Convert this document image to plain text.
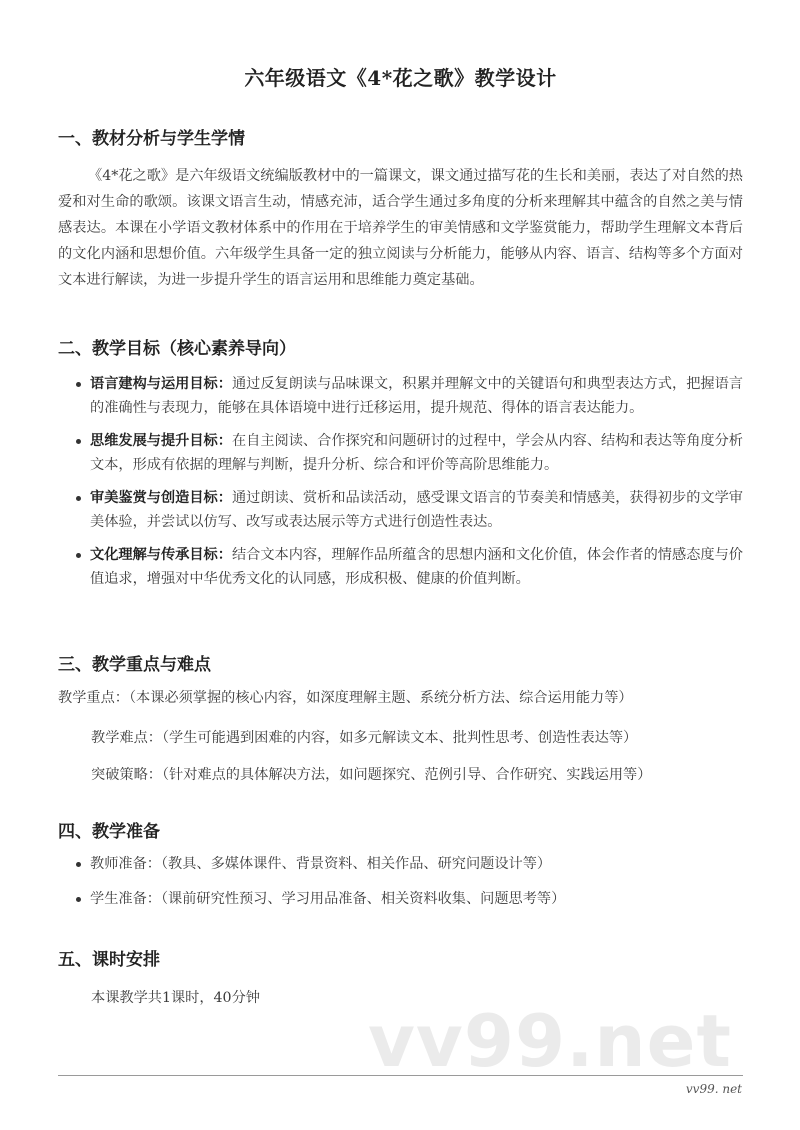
六年级语文《4*花之歌》教学设计
一、教材分析与学生学情
《4*花之歌》是六年级语文统编版教材中的一篇课文，课文通过描写花的生长和美丽，表达了对自然的热爱和对生命的歌颂。该课文语言生动，情感充沛，适合学生通过多角度的分析来理解其中蕴含的自然之美与情感表达。本课在小学语文教材体系中的作用在于培养学生的审美情感和文学鉴赏能力，帮助学生理解文本背后的文化内涵和思想价值。六年级学生具备一定的独立阅读与分析能力，能够从内容、语言、结构等多个方面对文本进行解读，为进一步提升学生的语言运用和思维能力奠定基础。
二、教学目标（核心素养导向）
语言建构与运用目标：通过反复朗读与品味课文，积累并理解文中的关键语句和典型表达方式，把握语言的准确性与表现力，能够在具体语境中进行迁移运用，提升规范、得体的语言表达能力。
思维发展与提升目标：在自主阅读、合作探究和问题研讨的过程中，学会从内容、结构和表达等角度分析文本，形成有依据的理解与判断，提升分析、综合和评价等高阶思维能力。
审美鉴赏与创造目标：通过朗读、赏析和品读活动，感受课文语言的节奏美和情感美，获得初步的文学审美体验，并尝试以仿写、改写或表达展示等方式进行创造性表达。
文化理解与传承目标：结合文本内容，理解作品所蕴含的思想内涵和文化价值，体会作者的情感态度与价值追求，增强对中华优秀文化的认同感，形成积极、健康的价值判断。
三、教学重点与难点
教学重点：（本课必须掌握的核心内容，如深度理解主题、系统分析方法、综合运用能力等）
教学难点：（学生可能遇到困难的内容，如多元解读文本、批判性思考、创造性表达等）
突破策略：（针对难点的具体解决方法，如问题探究、范例引导、合作研究、实践运用等）
四、教学准备
教师准备：（教具、多媒体课件、背景资料、相关作品、研究问题设计等）
学生准备：（课前研究性预习、学习用品准备、相关资料收集、问题思考等）
五、课时安排
本课教学共1课时，40分钟
vv99.net
vv99. net
